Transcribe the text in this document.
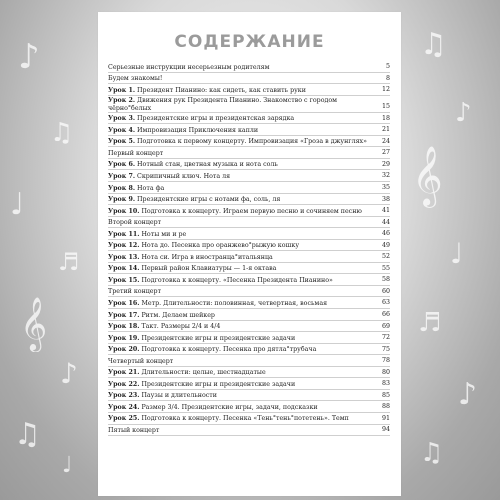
♪
♫
♩
♬
𝄞
♪
♫
♩
♫
♪
𝄞
♩
♬
♪
♫
СОДЕРЖАНИЕ
Серьезные инструкции несерьезным родителям	5
Будем знакомы!	8
Урок 1. Президент Пианино: как сидеть, как ставить руки	12
Урок 2. Движения рук Президента Пианино. Знакомство с городом чёрно°белых	15
Урок 3. Президентские игры и президентская зарядка	18
Урок 4. Импровизация Приключения капли	21
Урок 5. Подготовка к первому концерту. Импровизация «Гроза в джунглях»	24
Первый концерт	27
Урок 6. Нотный стан, цветная музыка и нота соль	29
Урок 7. Скрипичный ключ. Нота ля	32
Урок 8. Нота фа	35
Урок 9. Президентские игры с нотами фа, соль, ля	38
Урок 10. Подготовка к концерту. Играем первую песню и сочиняем песню	41
Второй концерт	44
Урок 11. Ноты ми и ре	46
Урок 12. Нота до. Песенка про оранжево°рыжую кошку	49
Урок 13. Нота си. Игра в иностранца°итальянца	52
Урок 14. Первый район Клавиатуры — 1-я октава	55
Урок 15. Подготовка к концерту. «Песенка Президента Пианино»	58
Третий концерт	60
Урок 16. Метр. Длительности: половинная, четвертная, восьмая	63
Урок 17. Ритм. Делаем шейкер	66
Урок 18. Такт. Размеры 2/4 и 4/4	69
Урок 19. Президентские игры и президентские задачи	72
Урок 20. Подготовка к концерту. Песенка про дятла°трубача	75
Четвертый концерт	78
Урок 21. Длительности: целые, шестнадцатые	80
Урок 22. Президентские игры и президентские задачи	83
Урок 23. Паузы и длительности	85
Урок 24. Размер 3/4. Президентские игры, задачи, подсказки	88
Урок 25. Подготовка к концерту. Песенка «Тень°тень°потетень». Темп	91
Пятый концерт	94
